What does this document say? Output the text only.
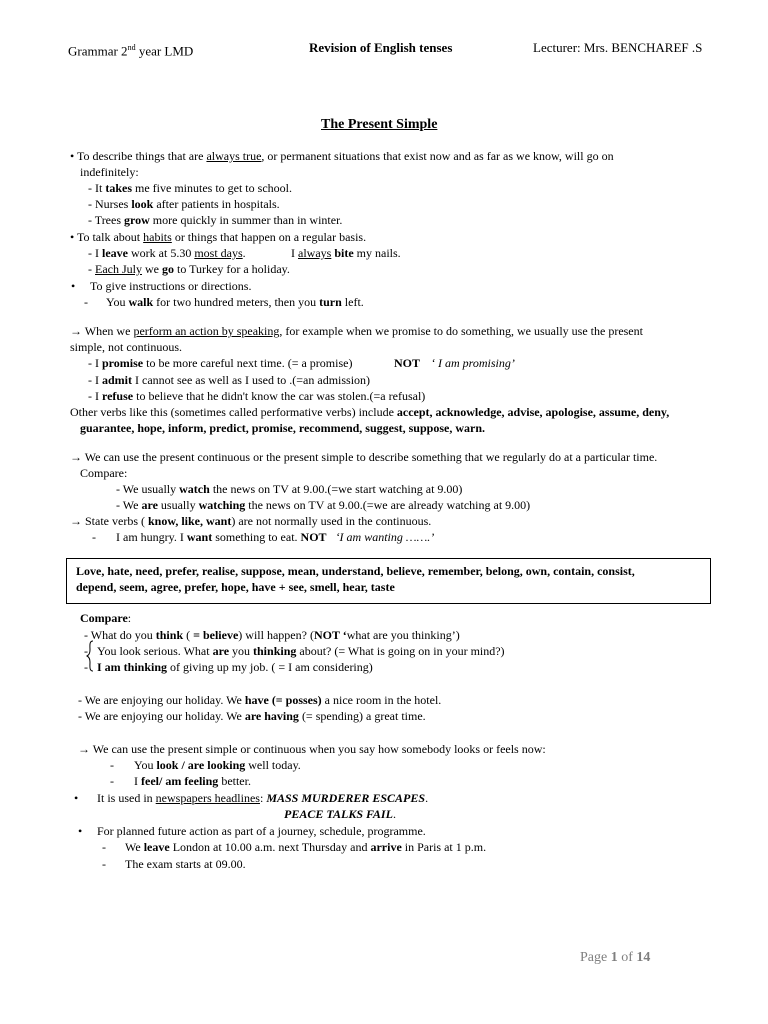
Grammar 2nd year LMD	Revision of English tenses	Lecturer: Mrs. BENCHAREF .S
The Present Simple
• To describe things that are always true, or permanent situations that exist now and as far as we know, will go on
indefinitely:
- It takes me five minutes to get to school.
- Nurses look after patients in hospitals.
- Trees grow more quickly in summer than in winter.
• To talk about habits or things that happen on a regular basis.
- I leave work at 5.30 most days.	I always bite my nails.
- Each July we go to Turkey for a holiday.
• To give instructions or directions.
- You walk for two hundred meters, then you turn left.
→ When we perform an action by speaking, for example when we promise to do something, we usually use the present
simple, not continuous.
- I promise to be more careful next time. (= a promise)	NOT ‘ I am promising’
- I admit I cannot see as well as I used to .(=an admission)
- I refuse to believe that he didn't know the car was stolen.(=a refusal)
Other verbs like this (sometimes called performative verbs) include accept, acknowledge, advise, apologise, assume, deny,
guarantee, hope, inform, predict, promise, recommend, suggest, suppose, warn.
→ We can use the present continuous or the present simple to describe something that we regularly do at a particular time.
Compare:
- We usually watch the news on TV at 9.00.(=we start watching at 9.00)
- We are usually watching the news on TV at 9.00.(=we are already watching at 9.00)
→ State verbs ( know, like, want) are not normally used in the continuous.
- I am hungry. I want something to eat. NOT ‘I am wanting …….’
Love, hate, need, prefer, realise, suppose, mean, understand, believe, remember, belong, own, contain, consist,
depend, seem, agree, prefer, hope, have + see, smell, hear, taste
Compare:
- What do you think ( = believe) will happen? (NOT ‘what are you thinking’)
-
-
You look serious. What are you thinking about? (= What is going on in your mind?)
I am thinking of giving up my job. ( = I am considering)
- We are enjoying our holiday. We have (= posses) a nice room in the hotel.
- We are enjoying our holiday. We are having (= spending) a great time.
→ We can use the present simple or continuous when you say how somebody looks or feels now:
- You look / are looking well today.
- I feel/ am feeling better.
• It is used in newspapers headlines: MASS MURDERER ESCAPES.
PEACE TALKS FAIL.
• For planned future action as part of a journey, schedule, programme.
- We leave London at 10.00 a.m. next Thursday and arrive in Paris at 1 p.m.
- The exam starts at 09.00.
Page 1 of 14
